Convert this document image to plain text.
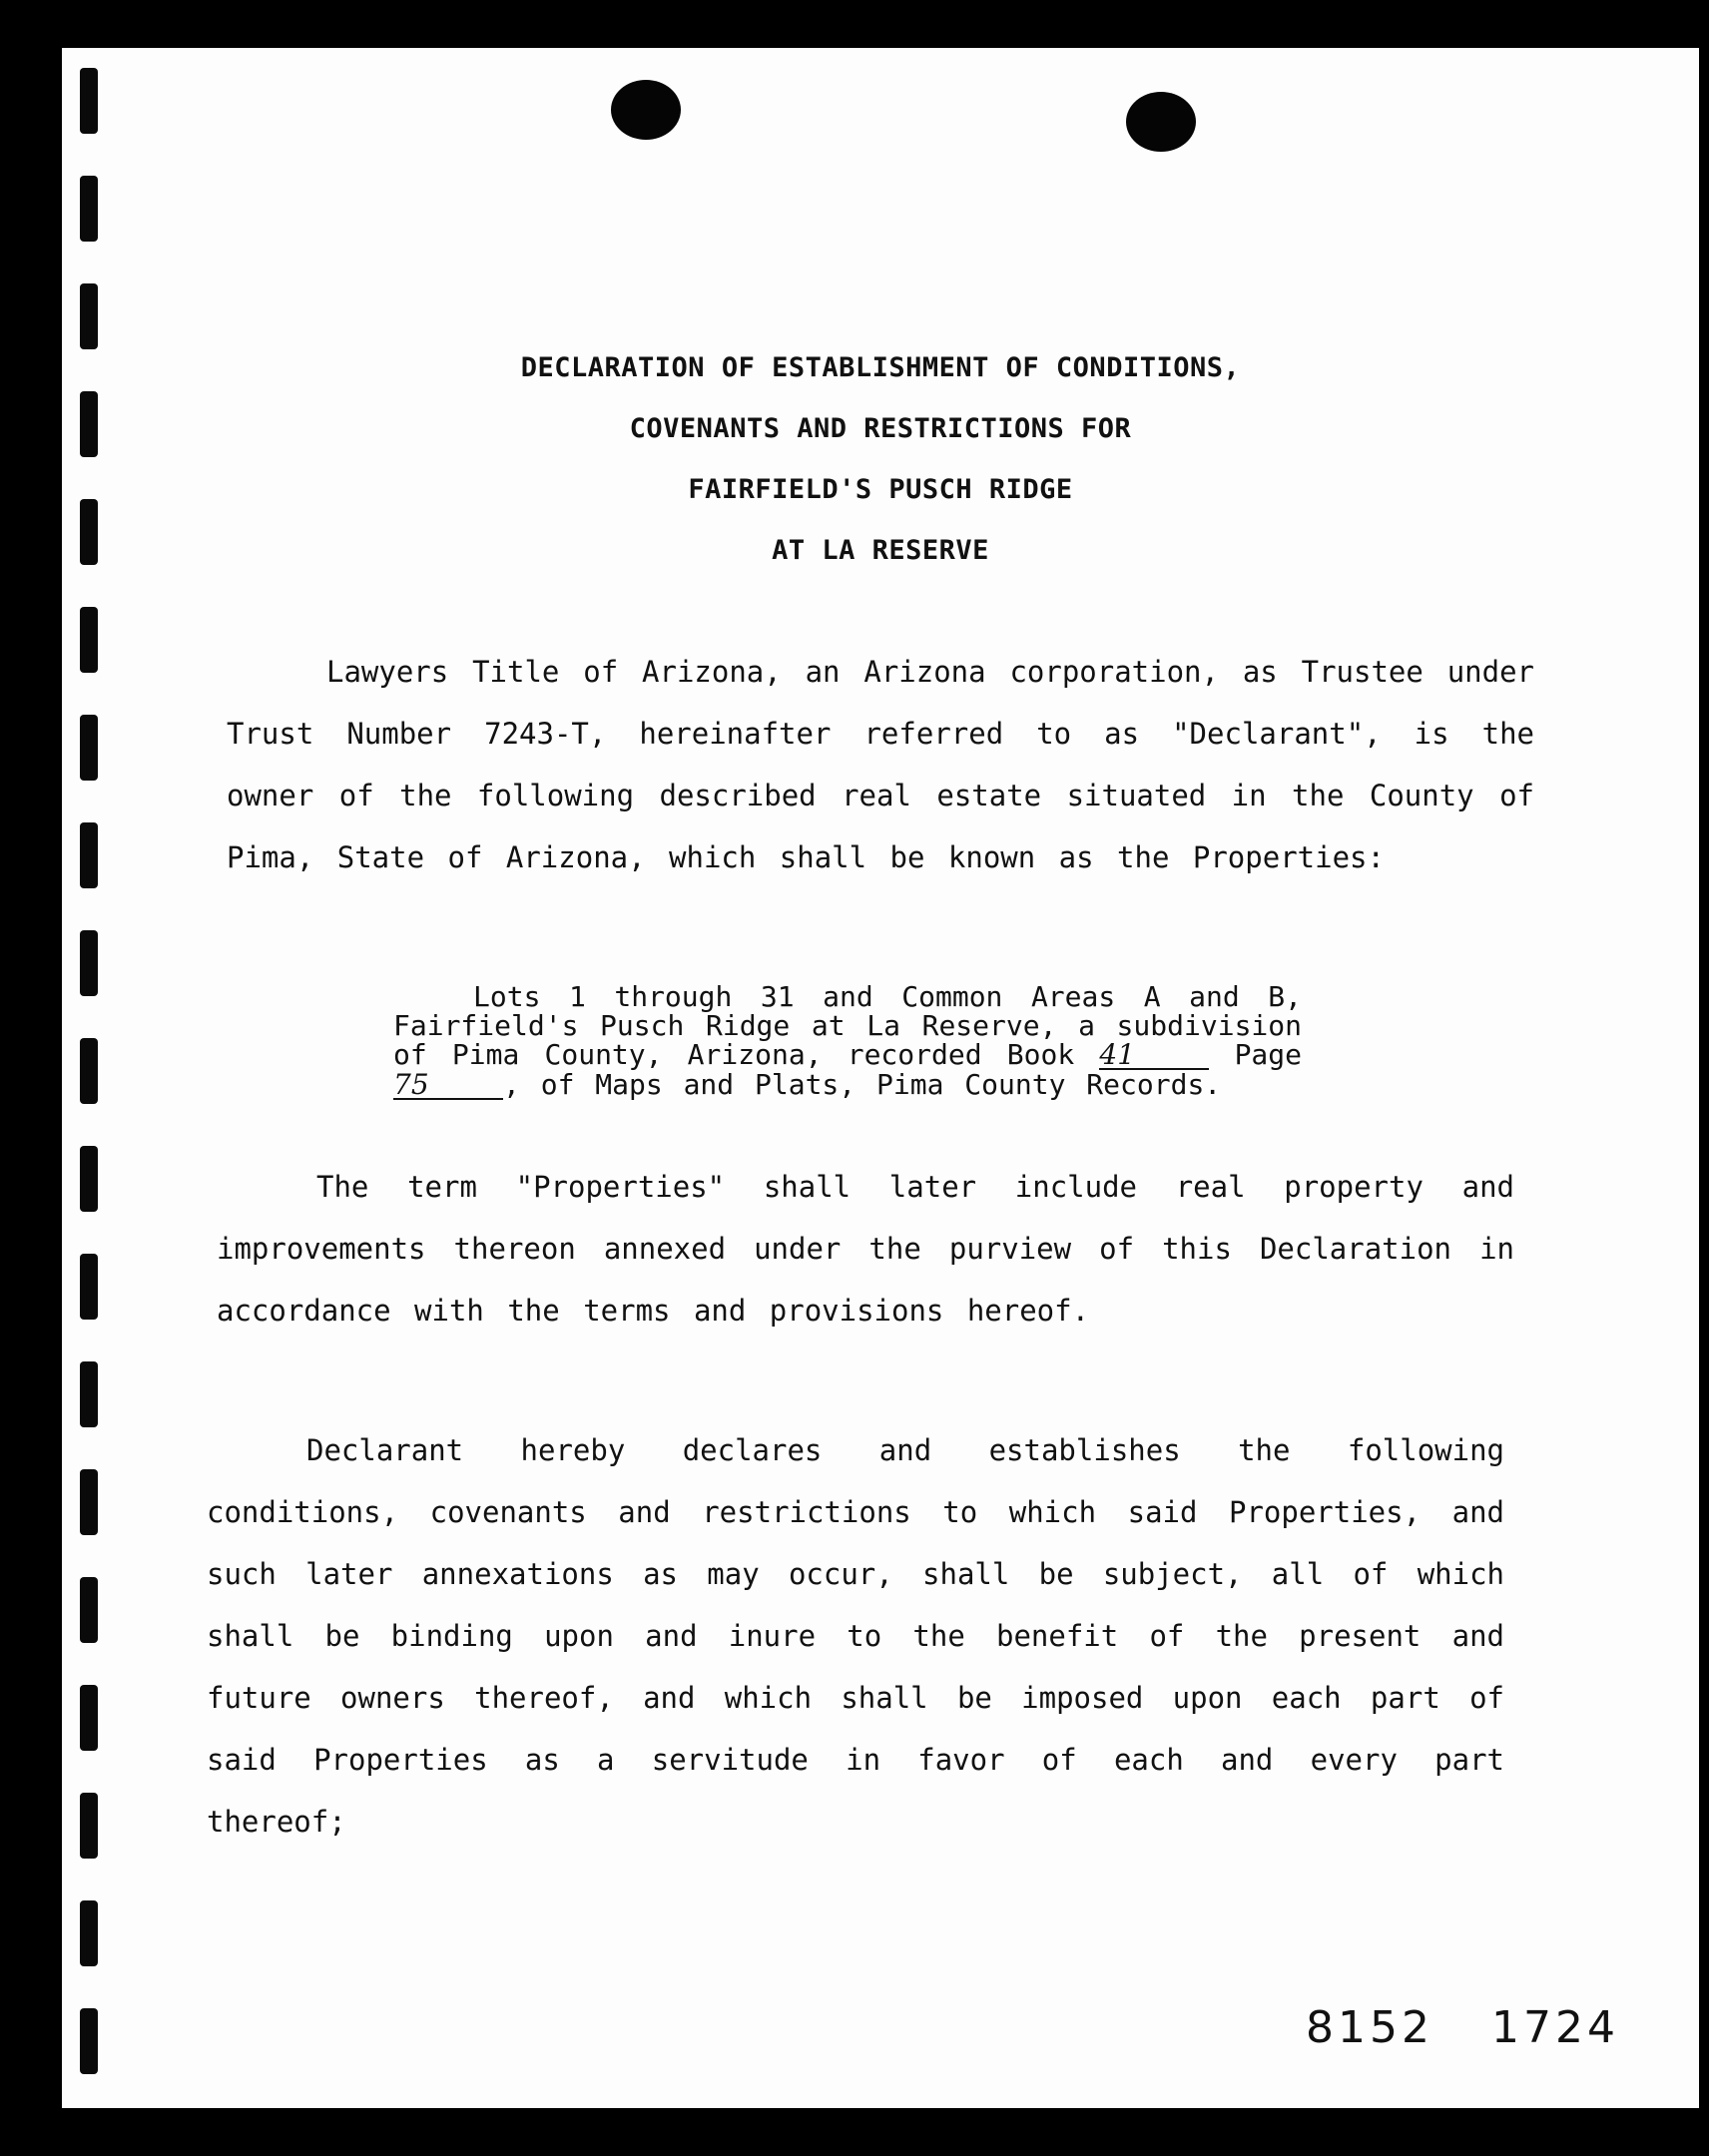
DECLARATION OF ESTABLISHMENT OF CONDITIONS,
COVENANTS AND RESTRICTIONS FOR
FAIRFIELD'S PUSCH RIDGE
AT LA RESERVE
Lawyers Title of Arizona, an Arizona corporation, as Trustee under Trust Number 7243-T, hereinafter referred to as "Declarant", is the owner of the following described real estate situated in the County of Pima, State of Arizona, which shall be known as the Properties:
Lots 1 through 31 and Common Areas A and B, Fairfield's Pusch Ridge at La Reserve, a subdivision of Pima County, Arizona, recorded Book 41	Page 75	, of Maps and Plats, Pima County Records.
The term "Properties" shall later include real property and improvements thereon annexed under the purview of this Declaration in accordance with the terms and provisions hereof.
Declarant hereby declares and establishes the following conditions, covenants and restrictions to which said Properties, and such later annexations as may occur, shall be subject, all of which shall be binding upon and inure to the benefit of the present and future owners thereof, and which shall be imposed upon each part of said Properties as a servitude in favor of each and every part thereof;
8152 1724
